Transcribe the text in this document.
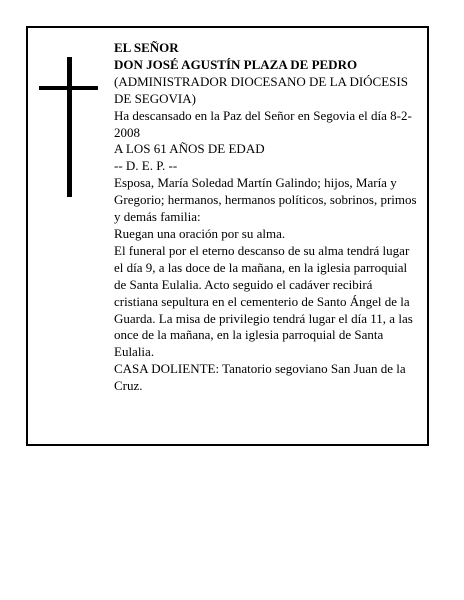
EL SEÑOR

DON JOSÉ AGUSTÍN PLAZA DE PEDRO

(ADMINISTRADOR DIOCESANO DE LA DIÓCESIS DE SEGOVIA)

Ha descansado en la Paz del Señor en Segovia el día 8-2-2008

A LOS 61 AÑOS DE EDAD

-- D. E. P. --

Esposa, María Soledad Martín Galindo; hijos, María y Gregorio; hermanos, hermanos políticos, sobrinos, primos y demás familia:

Ruegan una oración por su alma.

El funeral por el eterno descanso de su alma tendrá lugar el día 9, a las doce de la mañana, en la iglesia parroquial de Santa Eulalia. Acto seguido el cadáver recibirá cristiana sepultura en el cementerio de Santo Ángel de la Guarda. La misa de privilegio tendrá lugar el día 11, a las once de la mañana, en la iglesia parroquial de Santa Eulalia.

CASA DOLIENTE: Tanatorio segoviano San Juan de la Cruz.
